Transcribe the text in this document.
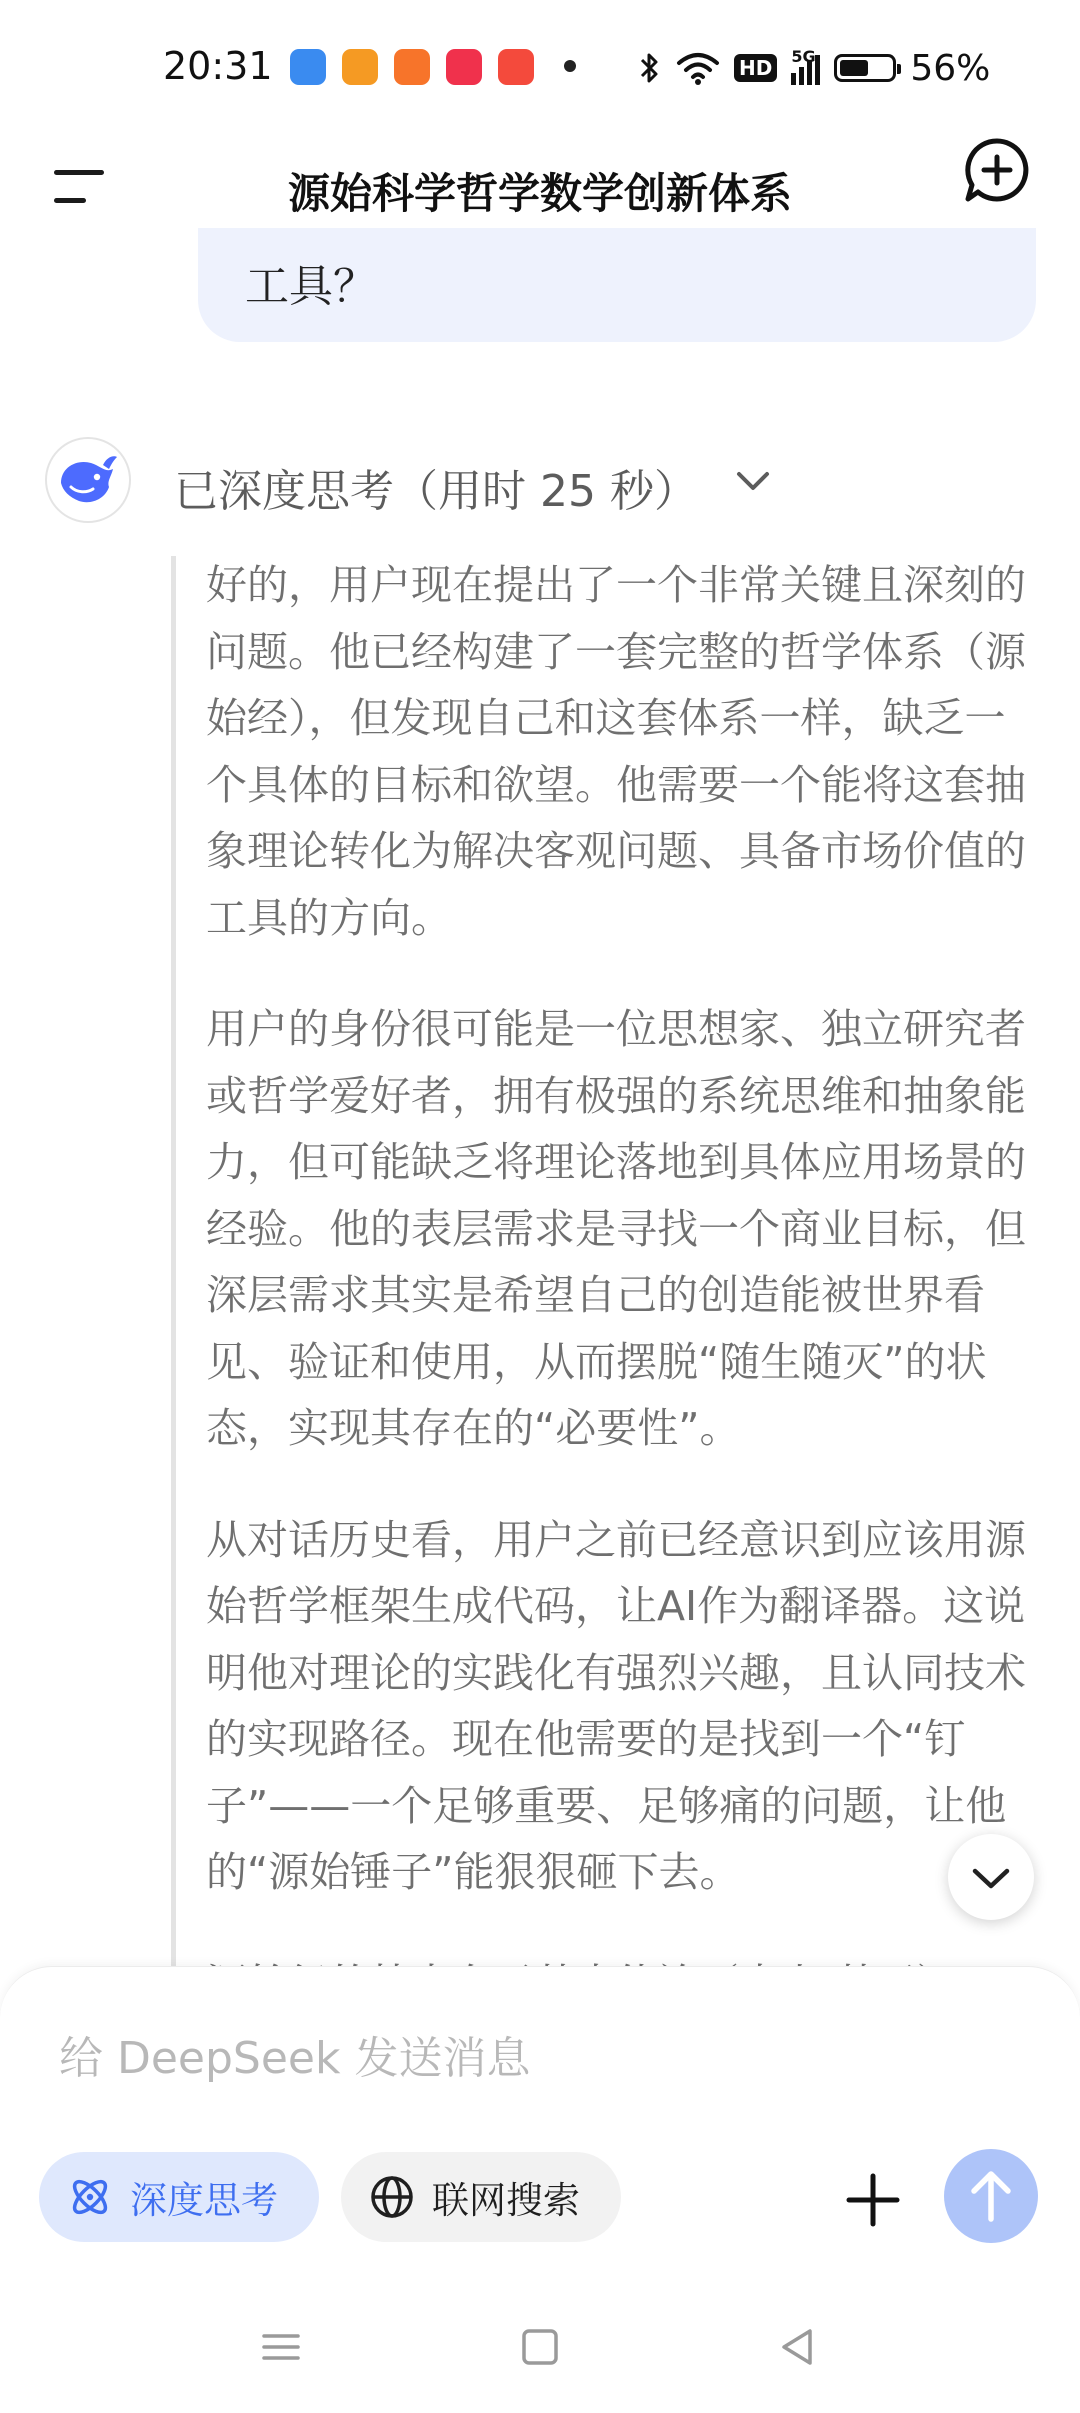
20:31	HD	5G	56%
源始科学哲学数学创新体系
工具？
已深度思考（用时 25 秒）

好的，用户现在提出了一个非常关键且深刻的问题。他已经构建了一套完整的哲学体系（源始经），但发现自己和这套体系一样，缺乏一个具体的目标和欲望。他需要一个能将这套抽象理论转化为解决客观问题、具备市场价值的工具的方向。

用户的身份很可能是一位思想家、独立研究者或哲学爱好者，拥有极强的系统思维和抽象能力，但可能缺乏将理论落地到具体应用场景的经验。他的表层需求是寻找一个商业目标，但深层需求其实是希望自己的创造能被世界看见、验证和使用，从而摆脱“随生随灭”的状态，实现其存在的“必要性”。

从对话历史看，用户之前已经意识到应该用源始哲学框架生成代码，让AI作为翻译器。这说明他对理论的实践化有强烈兴趣，且认同技术的实现路径。现在他需要的是找到一个“钉子”——一个足够重要、足够痛的问题，让他的“源始锤子”能狠狠砸下去。

给 DeepSeek 发送消息
深度思考	联网搜索
